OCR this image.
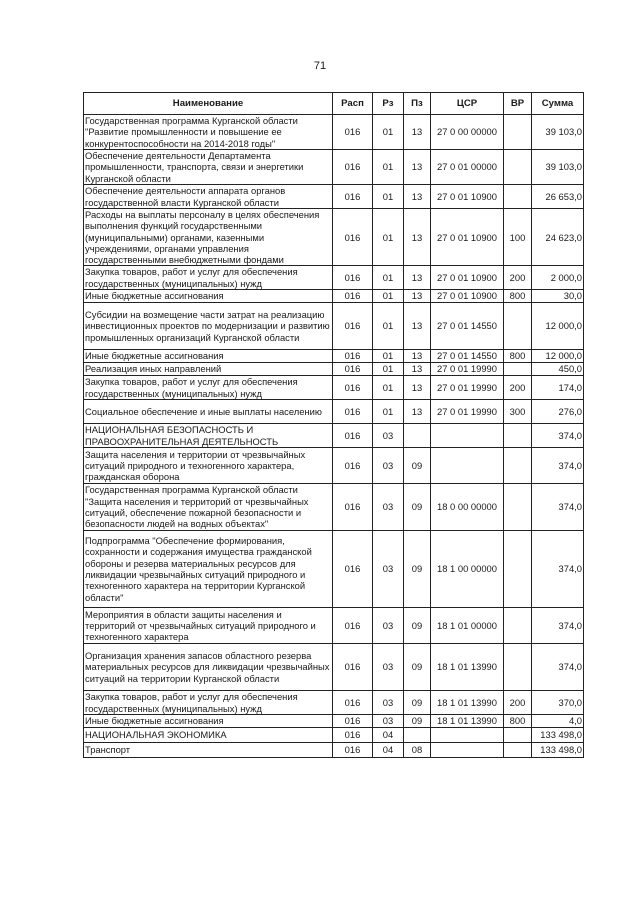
71
Наименование	Расп	Рз	Пз	ЦСР	ВР	Сумма
Государственная программа Курганской области "Развитие промышленности и повышение ее конкурентоспособности на 2014-2018 годы"	016	01	13	27 0 00 00000		39 103,0
Обеспечение деятельности Департамента промышленности, транспорта, связи и энергетики Курганской области	016	01	13	27 0 01 00000		39 103,0
Обеспечение деятельности аппарата органов государственной власти Курганской области	016	01	13	27 0 01 10900		26 653,0
Расходы на выплаты персоналу в целях обеспечения выполнения функций государственными (муниципальными) органами, казенными учреждениями, органами управления государственными внебюджетными фондами	016	01	13	27 0 01 10900	100	24 623,0
Закупка товаров, работ и услуг для обеспечения государственных (муниципальных) нужд	016	01	13	27 0 01 10900	200	2 000,0
Иные бюджетные ассигнования	016	01	13	27 0 01 10900	800	30,0
Субсидии на возмещение части затрат на реализацию инвестиционных проектов по модернизации и развитию промышленных организаций Курганской области	016	01	13	27 0 01 14550		12 000,0
Иные бюджетные ассигнования	016	01	13	27 0 01 14550	800	12 000,0
Реализация иных направлений	016	01	13	27 0 01 19990		450,0
Закупка товаров, работ и услуг для обеспечения государственных (муниципальных) нужд	016	01	13	27 0 01 19990	200	174,0
Социальное обеспечение и иные выплаты населению	016	01	13	27 0 01 19990	300	276,0
НАЦИОНАЛЬНАЯ БЕЗОПАСНОСТЬ И ПРАВООХРАНИТЕЛЬНАЯ ДЕЯТЕЛЬНОСТЬ	016	03				374,0
Защита населения и территории от чрезвычайных ситуаций природного и техногенного характера, гражданская оборона	016	03	09			374,0
Государственная программа Курганской области "Защита населения и территорий от чрезвычайных ситуаций, обеспечение пожарной безопасности и безопасности людей на водных объектах"	016	03	09	18 0 00 00000		374,0
Подпрограмма "Обеспечение формирования, сохранности и содержания имущества гражданской обороны и резерва материальных ресурсов для ликвидации чрезвычайных ситуаций природного и техногенного характера на территории Курганской области"	016	03	09	18 1 00 00000		374,0
Мероприятия в области защиты населения и территорий от чрезвычайных ситуаций природного и техногенного характера	016	03	09	18 1 01 00000		374,0
Организация хранения запасов областного резерва материальных ресурсов для ликвидации чрезвычайных ситуаций на территории Курганской области	016	03	09	18 1 01 13990		374,0
Закупка товаров, работ и услуг для обеспечения государственных (муниципальных) нужд	016	03	09	18 1 01 13990	200	370,0
Иные бюджетные ассигнования	016	03	09	18 1 01 13990	800	4,0
НАЦИОНАЛЬНАЯ ЭКОНОМИКА	016	04				133 498,0
Транспорт	016	04	08			133 498,0
